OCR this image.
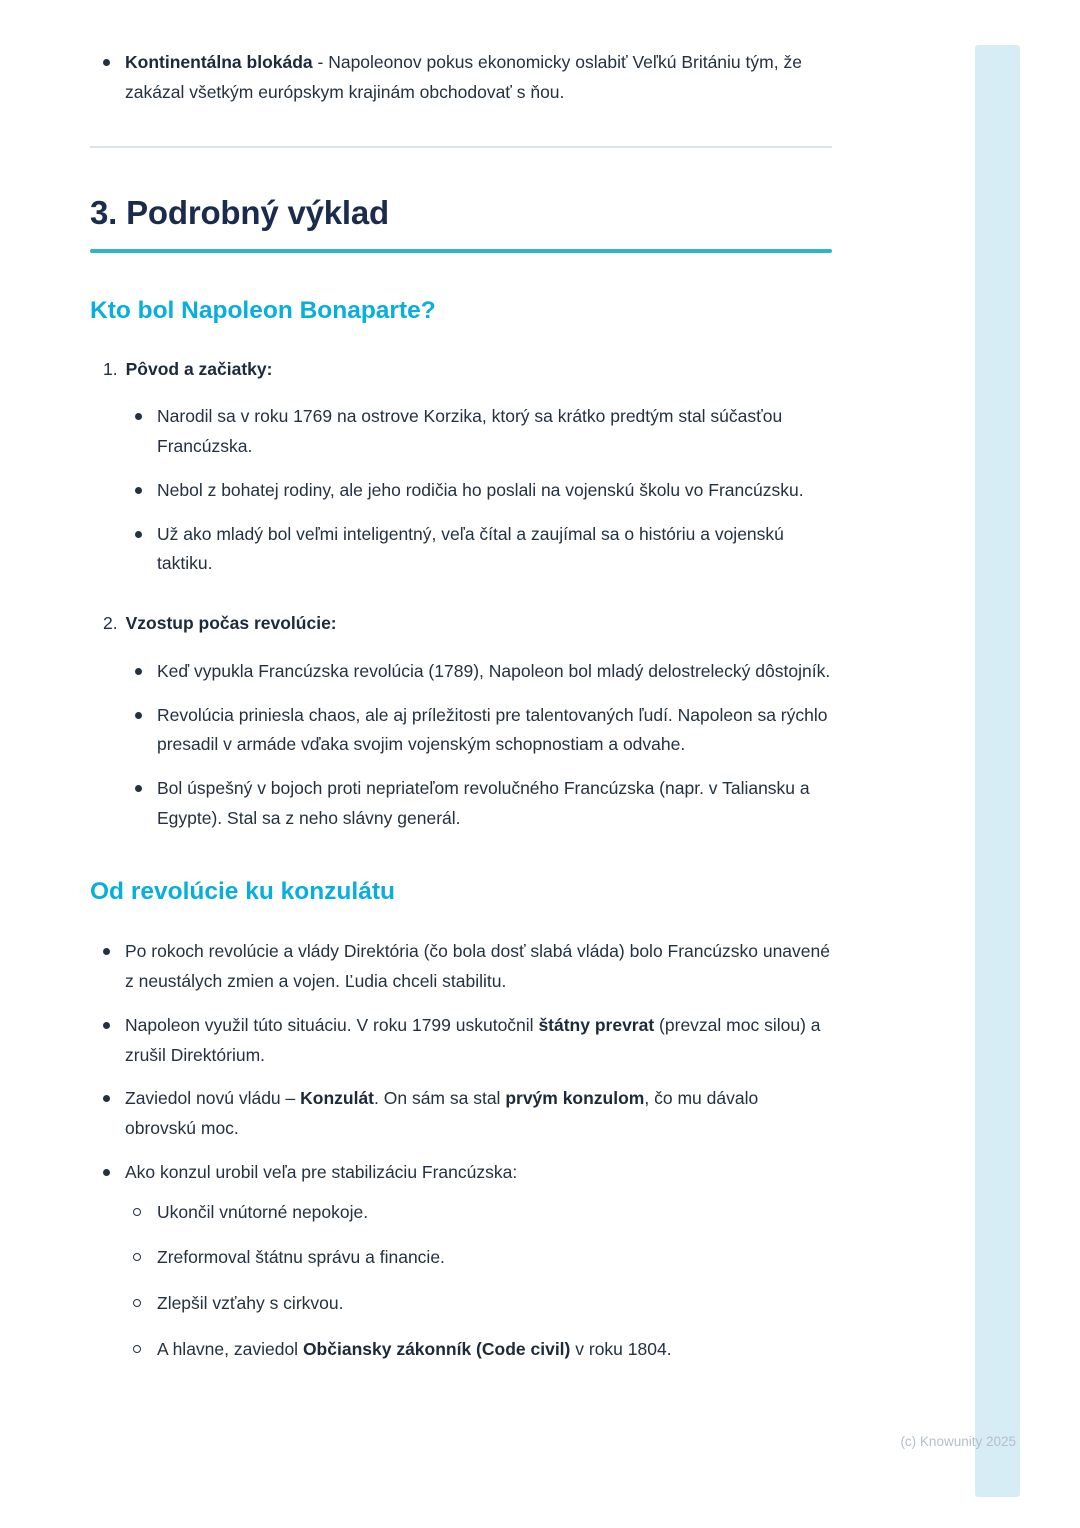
Kontinentálna blokáda - Napoleonov pokus ekonomicky oslabiť Veľkú Britániu tým, že zakázal všetkým európskym krajinám obchodovať s ňou.
3. Podrobný výklad
Kto bol Napoleon Bonaparte?
1. Pôvod a začiatky:
Narodil sa v roku 1769 na ostrove Korzika, ktorý sa krátko predtým stal súčasťou Francúzska.
Nebol z bohatej rodiny, ale jeho rodičia ho poslali na vojenskú školu vo Francúzsku.
Už ako mladý bol veľmi inteligentný, veľa čítal a zaujímal sa o históriu a vojenskú taktiku.
2. Vzostup počas revolúcie:
Keď vypukla Francúzska revolúcia (1789), Napoleon bol mladý delostrelecký dôstojník.
Revolúcia priniesla chaos, ale aj príležitosti pre talentovaných ľudí. Napoleon sa rýchlo presadil v armáde vďaka svojim vojenským schopnostiam a odvahe.
Bol úspešný v bojoch proti nepriateľom revolučného Francúzska (napr. v Taliansku a Egypte). Stal sa z neho slávny generál.
Od revolúcie ku konzulátu
Po rokoch revolúcie a vlády Direktória (čo bola dosť slabá vláda) bolo Francúzsko unavené z neustálych zmien a vojen. Ľudia chceli stabilitu.
Napoleon využil túto situáciu. V roku 1799 uskutočnil štátny prevrat (prevzal moc silou) a zrušil Direktórium.
Zaviedol novú vládu – Konzulát. On sám sa stal prvým konzulom, čo mu dávalo obrovskú moc.
Ako konzul urobil veľa pre stabilizáciu Francúzska:
Ukončil vnútorné nepokoje.
Zreformoval štátnu správu a financie.
Zlepšil vzťahy s cirkvou.
A hlavne, zaviedol Občiansky zákonník (Code civil) v roku 1804.
(c) Knowunity 2025
